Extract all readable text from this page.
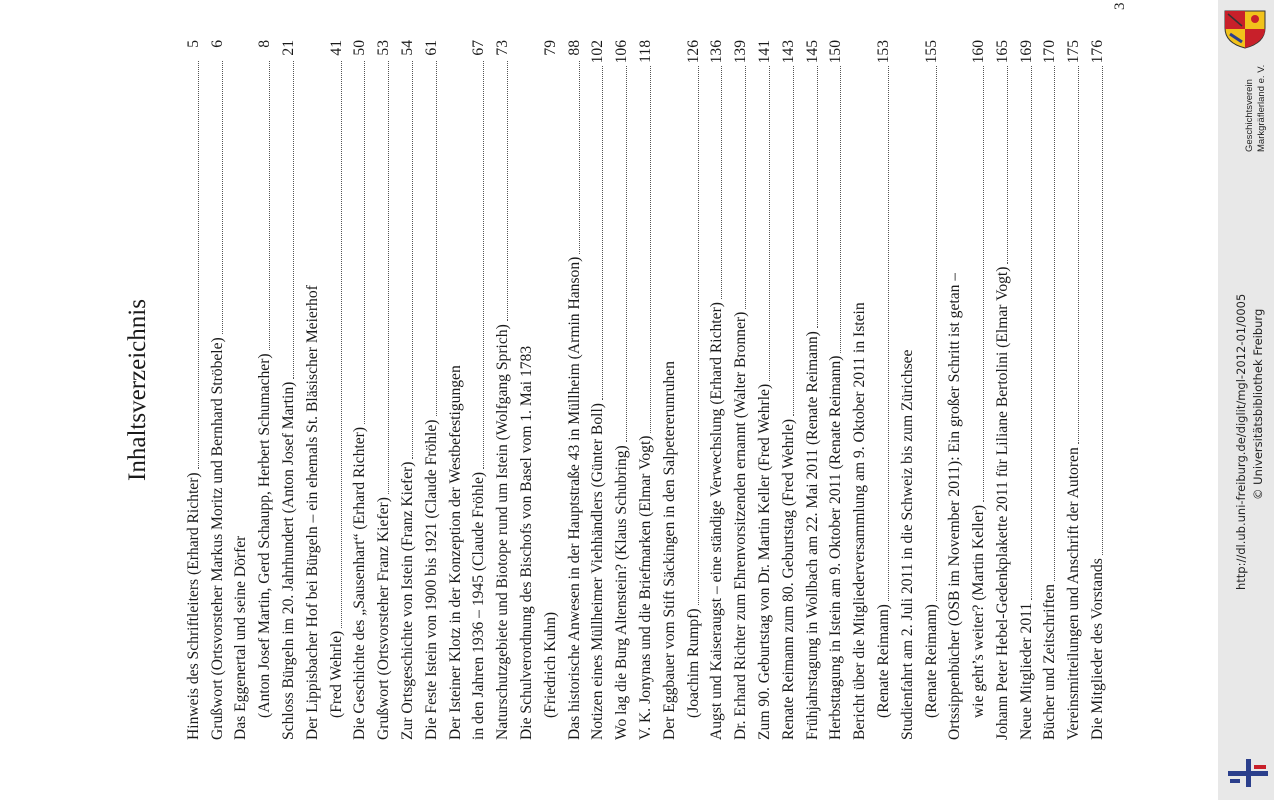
Inhaltsverzeichnis
Hinweis des Schriftleiters (Erhard Richter)
5
Grußwort (Ortsvorsteher Markus Moritz und Bernhard Ströbele)
6
Das Eggenertal und seine Dörfer (Anton Josef Martin, Gerd Schaupp, Herbert Schumacher)
8
Schloss Bürgeln im 20. Jahrhundert (Anton Josef Martin)
21
Der Lippisbacher Hof bei Bürgeln – ein ehemals St. Bläsischer Meierhof (Fred Wehrle)
41
Die Geschichte des „Sausenhart“ (Erhard Richter)
50
Grußwort (Ortsvorsteher Franz Kiefer)
53
Zur Ortsgeschichte von Istein (Franz Kiefer)
54
Die Feste Istein von 1900 bis 1921 (Claude Fröhle)
61
Der Isteiner Klotz in der Konzeption der Westbefestigungen in den Jahren 1936 – 1945 (Claude Fröhle)
67
Naturschutzgebiete und Biotope rund um Istein (Wolfgang Sprich)
73
Die Schulverordnung des Bischofs von Basel vom 1. Mai 1783 (Friedrich Kuhn)
79
Das historische Anwesen in der Hauptstraße 43 in Müllheim (Armin Hanson)
88
Notizen eines Müllheimer Viehhändlers (Günter Boll)
102
Wo lag die Burg Altenstein? (Klaus Schubring)
106
V. K. Jonynas und die Briefmarken (Elmar Vogt)
118
Der Eggbauer vom Stift Säckingen in den Salpetererunruhen (Joachim Rumpf)
126
Augst und Kaiseraugst – eine ständige Verwechslung (Erhard Richter)
136
Dr. Erhard Richter zum Ehrenvorsitzenden ernannt (Walter Bronner)
139
Zum 90. Geburtstag von Dr. Martin Keller (Fred Wehrle)
141
Renate Reimann zum 80. Geburtstag (Fred Wehrle)
143
Frühjahrstagung in Wollbach am 22. Mai 2011 (Renate Reimann)
145
Herbsttagung in Istein am 9. Oktober 2011 (Renate Reimann)
150
Bericht über die Mitgliederversammlung am 9. Oktober 2011 in Istein (Renate Reimann)
153
Studienfahrt am 2. Juli 2011 in die Schweiz bis zum Zürichsee (Renate Reimann)
155
Ortssippenbücher (OSB im November 2011): Ein großer Schritt ist getan – wie geht’s weiter? (Martin Keller)
160
Johann Peter Hebel-Gedenkplakette 2011 für Liliane Bertolini (Elmar Vogt)
165
Neue Mitglieder 2011
169
Bücher und Zeitschriften
170
Vereinsmitteilungen und Anschrift der Autoren
175
Die Mitglieder des Vorstands
176
3
Geschichtsverein Markgräflerland e. V.
http://dl.ub.uni-freiburg.de/diglit/mgl-2012-01/0005 © Universitätsbibliothek Freiburg
